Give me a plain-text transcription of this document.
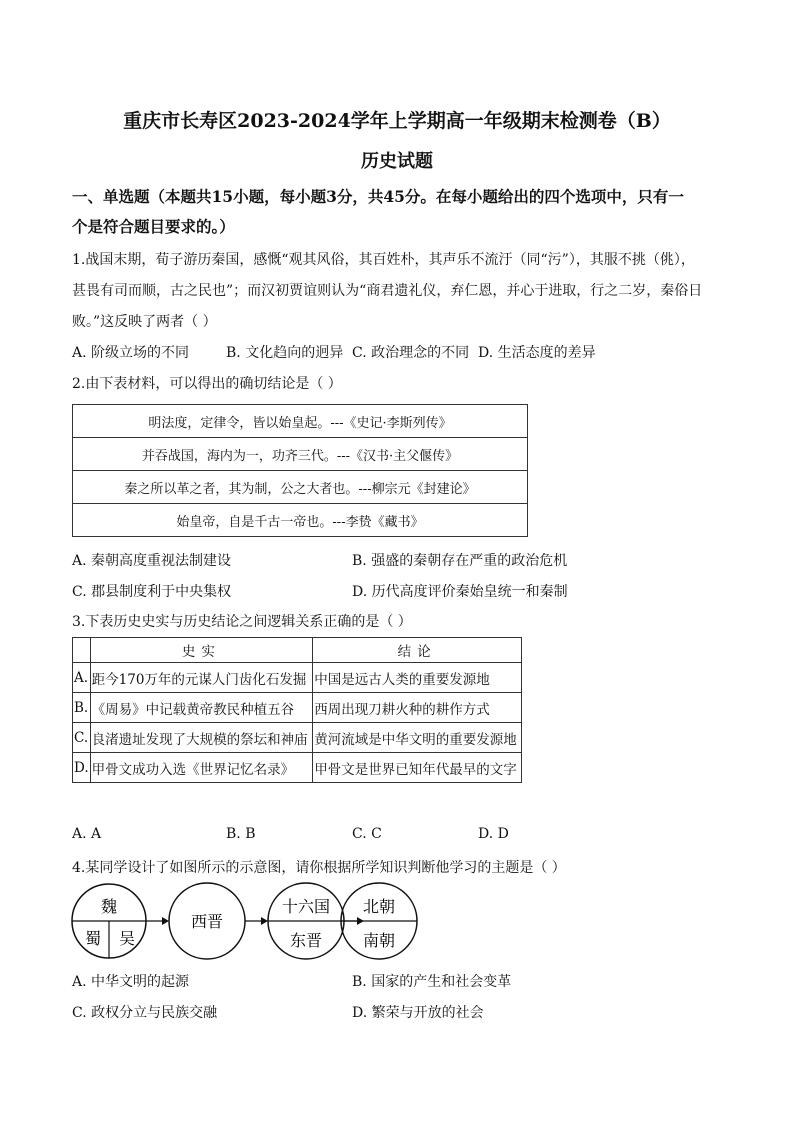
重庆市长寿区2023-2024学年上学期高一年级期末检测卷（B）
历史试题
一、单选题（本题共15小题，每小题3分，共45分。在每小题给出的四个选项中，只有一
个是符合题目要求的。）
1.战国末期，荀子游历秦国，感慨“观其风俗，其百姓朴，其声乐不流汙（同“污”），其服不挑（佻），
甚畏有司而顺，古之民也”；而汉初贾谊则认为“商君遗礼仪，弃仁恩，并心于进取，行之二岁，秦俗日
败。”这反映了两者（ ）
A. 阶级立场的不同	B. 文化趋向的迥异 C. 政治理念的不同 D. 生活态度的差异
2.由下表材料，可以得出的确切结论是（ ）
明法度，定律令，皆以始皇起。---《史记·李斯列传》
并吞战国，海内为一，功齐三代。---《汉书·主父偃传》
秦之所以革之者，其为制，公之大者也。---柳宗元《封建论》
始皇帝，自是千古一帝也。---李贽《藏书》
A. 秦朝高度重视法制建设	B. 强盛的秦朝存在严重的政治危机
C. 郡县制度利于中央集权	D. 历代高度评价秦始皇统一和秦制
3.下表历史史实与历史结论之间逻辑关系正确的是（ ）
	史实	结论
A.	距今170万年的元谋人门齿化石发掘	中国是远古人类的重要发源地
B.	《周易》中记载黄帝教民种植五谷	西周出现刀耕火种的耕作方式
C.	良渚遗址发现了大规模的祭坛和神庙	黄河流域是中华文明的重要发源地
D.	甲骨文成功入选《世界记忆名录》	甲骨文是世界已知年代最早的文字
A. A	B. B	C. C	D. D
4.某同学设计了如图所示的示意图，请你根据所学知识判断他学习的主题是（ ）
魏
蜀 吴
西晋
十六国
东晋
北朝
南朝
A. 中华文明的起源	B. 国家的产生和社会变革
C. 政权分立与民族交融	D. 繁荣与开放的社会
